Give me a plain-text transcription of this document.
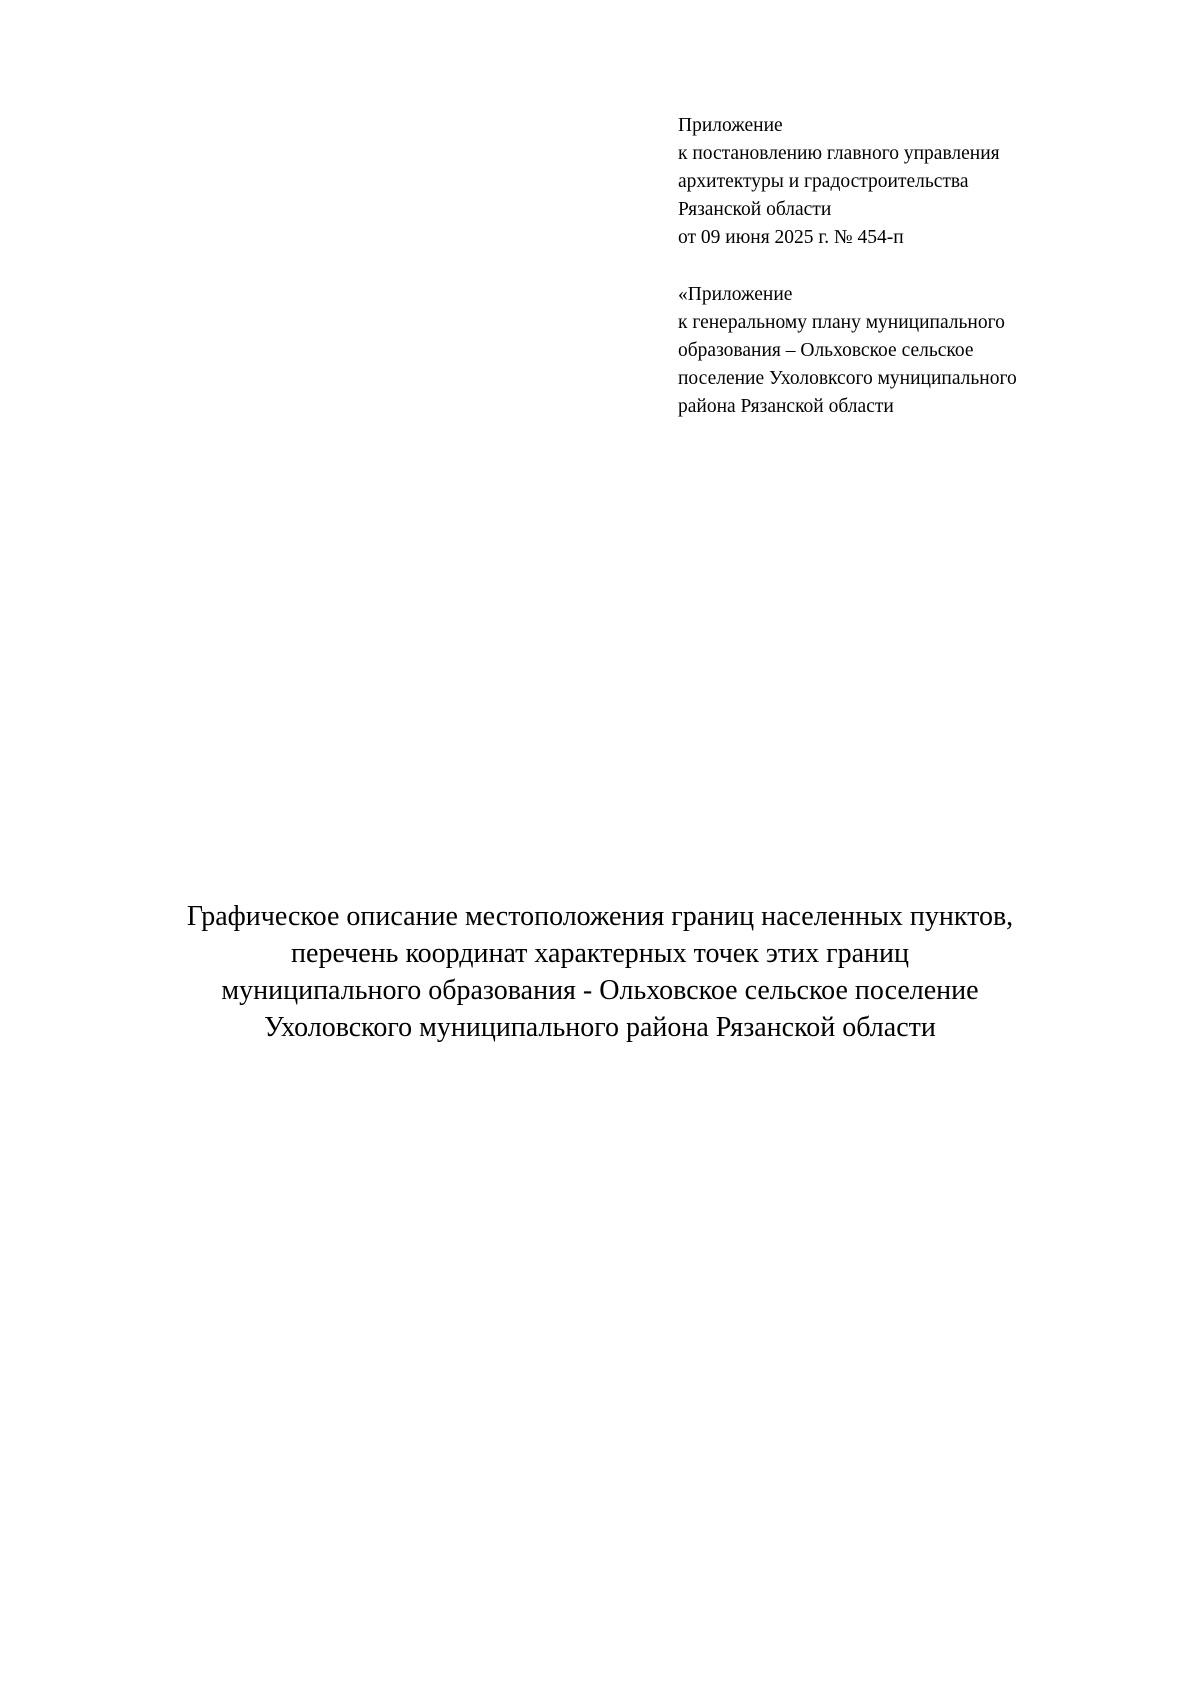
Приложение
к постановлению главного управления
архитектуры и градостроительства
Рязанской области
от 09 июня 2025 г. № 454-п
«Приложение
к генеральному плану муниципального
образования – Ольховское сельское
поселение Ухоловксого муниципального
района Рязанской области
Графическое описание местоположения границ населенных пунктов,
перечень координат характерных точек этих границ
муниципального образования - Ольховское сельское поселение
Ухоловского муниципального района Рязанской области
